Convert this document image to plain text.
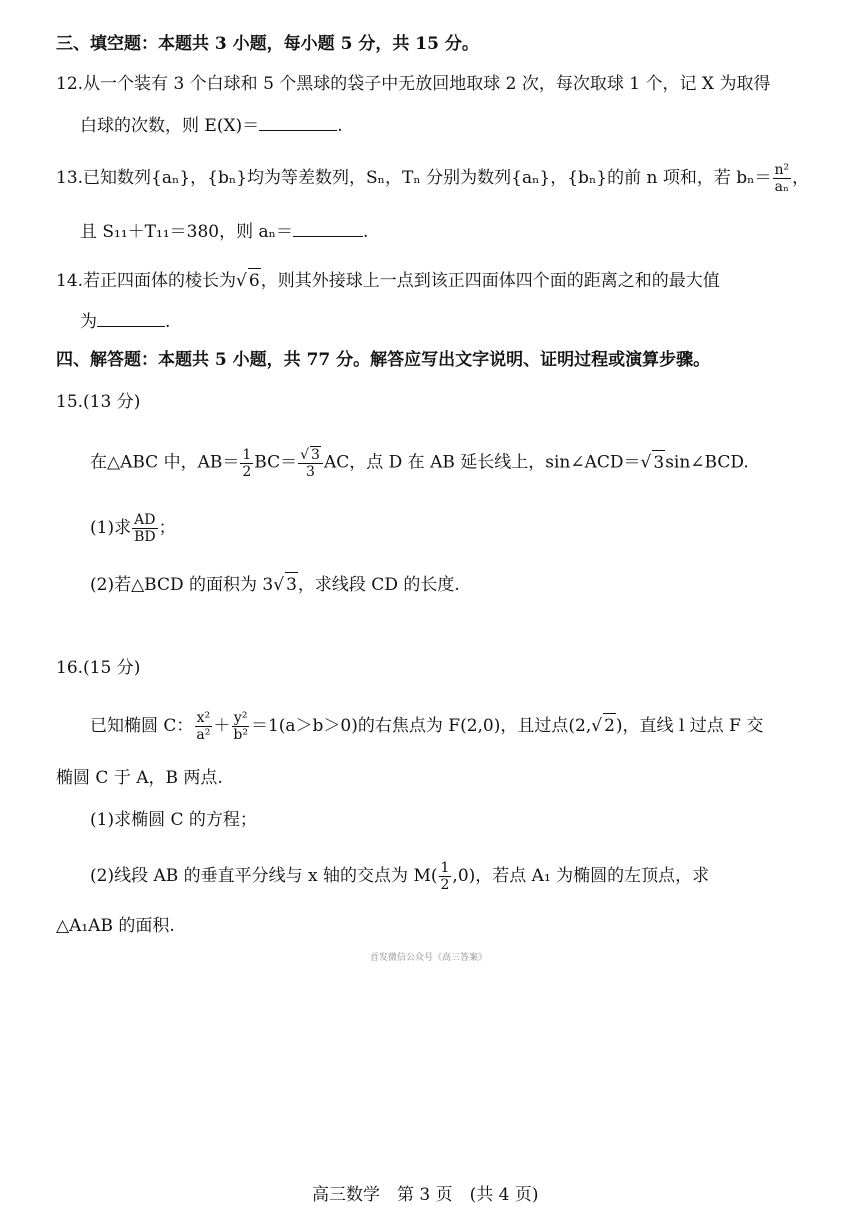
三、填空题：本题共 3 小题，每小题 5 分，共 15 分。
12.从一个装有 3 个白球和 5 个黑球的袋子中无放回地取球 2 次，每次取球 1 个，记 X 为取得
白球的次数，则 E(X)＝	.
13.已知数列{aₙ}，{bₙ}均为等差数列，Sₙ，Tₙ 分别为数列{aₙ}，{bₙ}的前 n 项和，若 $b_n= \frac{\text{n²}}{\text{aₙ}}$ ，
且 S₁₁＋T₁₁＝380，则 aₙ＝	.
14.若正四面体的棱长为√ 6，则其外接球上一点到该正四面体四个面的距离之和的最大值
为	.
四、解答题：本题共 5 小题，共 77 分。解答应写出文字说明、证明过程或演算步骤。
15.(13 分)
在△ABC 中，$AB= \frac{1}{2} BC= \frac{√ 3}{3}$ AC，点 D 在 AB 延长线上，sin∠ACD＝√ 3sin∠BCD.
(1)求 $\frac{AD}{BD}$ ；
(2)若△BCD 的面积为 3√ 3，求线段 CD 的长度.
16.(15 分)
已知椭圆 C： $\frac{\text{x²}}{\text{a²}} + \frac{\text{y²}}{\text{b²}} =1(a>b>0)$的右焦点为 F(2,0)，且过点(2,√ 2)，直线 l 过点 F 交
椭圆 C 于 A，B 两点.
(1)求椭圆 C 的方程；
(2)线段 AB 的垂直平分线与 x 轴的交点为 $M( \frac{1}{2} ,0)$，若点 A₁ 为椭圆的左顶点，求
△A₁AB 的面积.
首发微信公众号《高三答案》
高三数学　第 3 页　(共 4 页)
